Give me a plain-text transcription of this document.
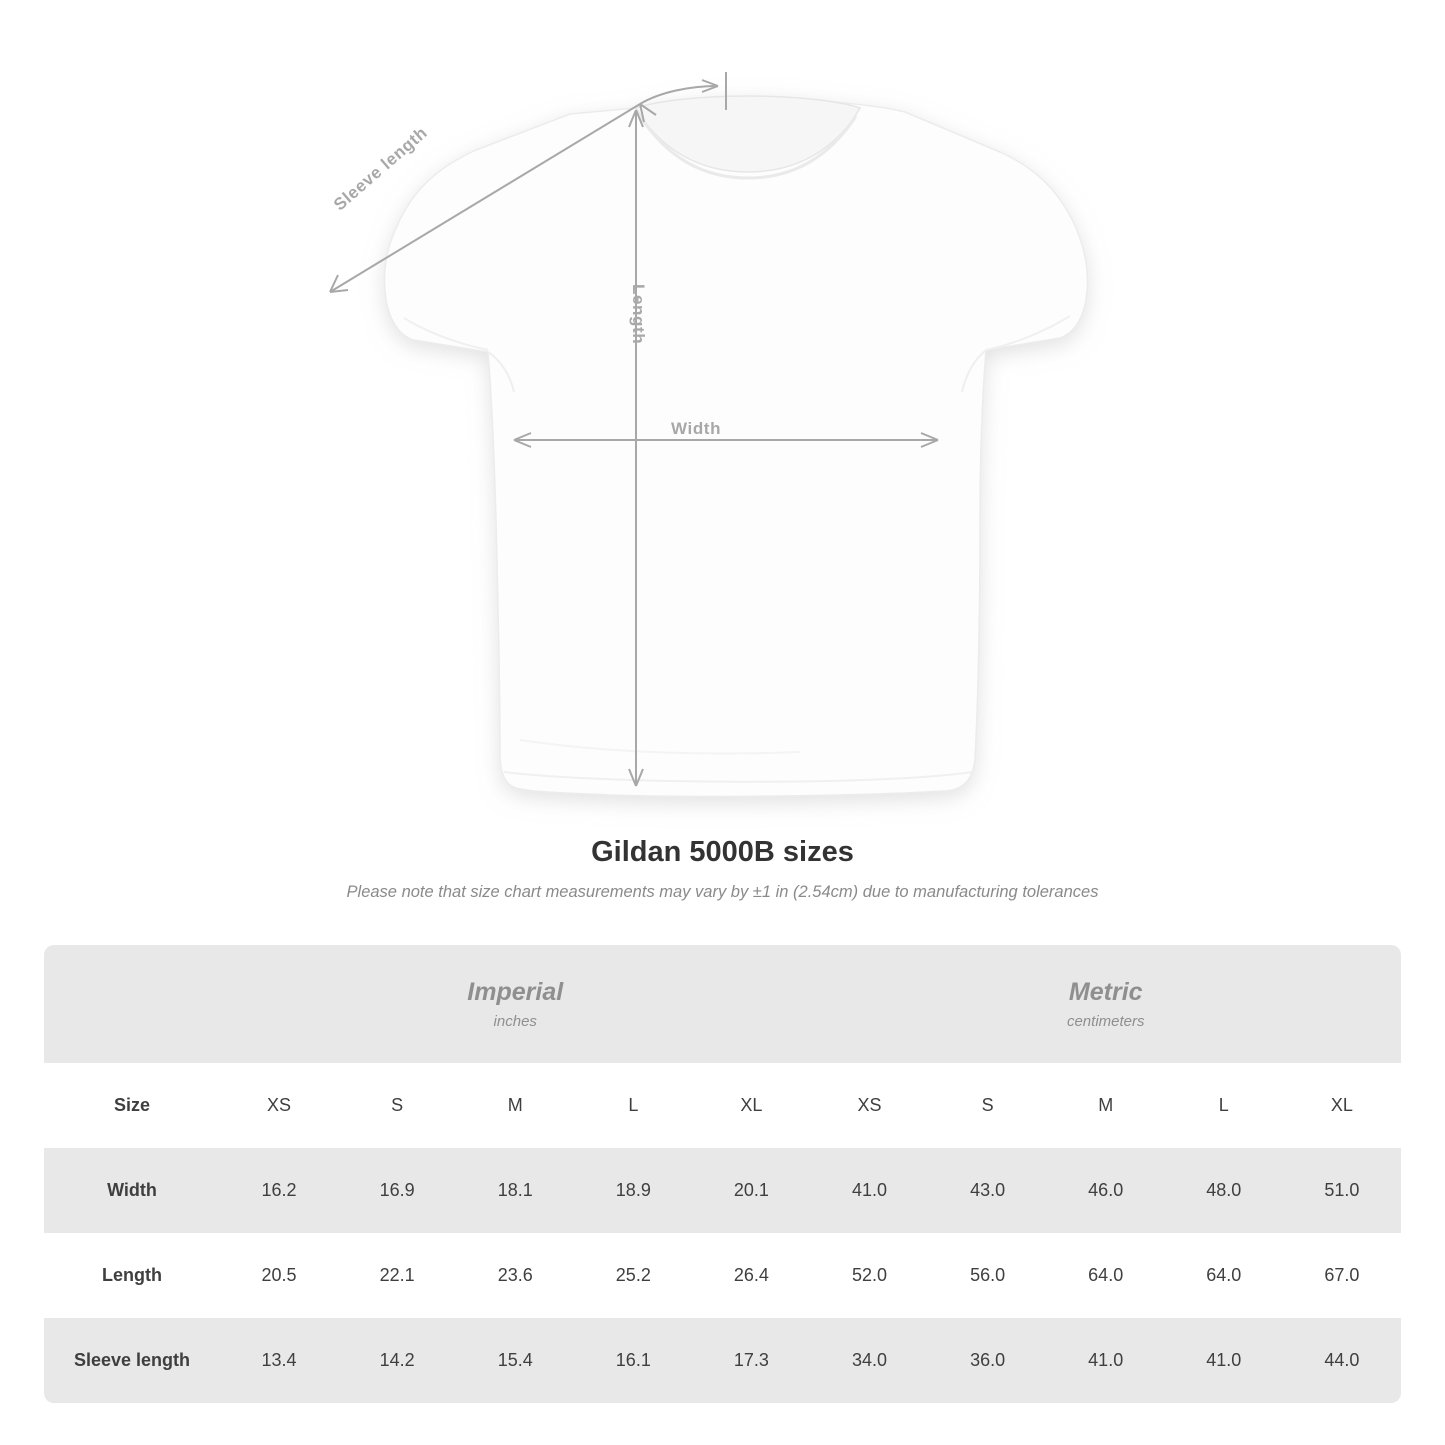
Sleeve length
Length
Width
Gildan 5000B sizes
Please note that size chart measurements may vary by ±1 in (2.54cm) due to manufacturing tolerances

Imperial
inches

Metric
centimeters

Size	XS	S	M	L	XL	XS	S	M	L	XL
Width	16.2	16.9	18.1	18.9	20.1	41.0	43.0	46.0	48.0	51.0
Length	20.5	22.1	23.6	25.2	26.4	52.0	56.0	64.0	64.0	67.0
Sleeve length	13.4	14.2	15.4	16.1	17.3	34.0	36.0	41.0	41.0	44.0
